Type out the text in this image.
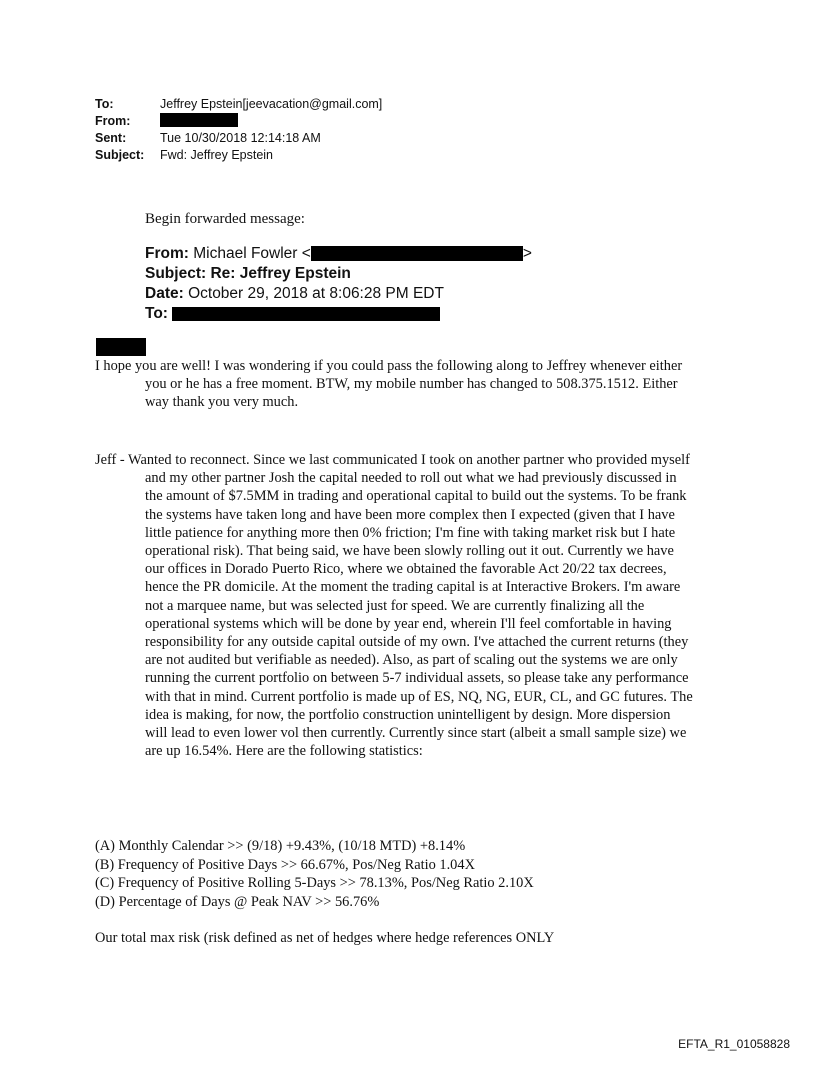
To:	Jeffrey Epstein[jeevacation@gmail.com]
From:
Sent:	Tue 10/30/2018 12:14:18 AM
Subject:	Fwd: Jeffrey Epstein
Begin forwarded message:
From: Michael Fowler <	>
Subject: Re: Jeffrey Epstein
Date: October 29, 2018 at 8:06:28 PM EDT
To:

I hope you are well! I was wondering if you could pass the following along to Jeffrey whenever either you or he has a free moment. BTW, my mobile number has changed to 508.375.1512. Either way thank you very much.

Jeff - Wanted to reconnect. Since we last communicated I took on another partner who provided myself and my other partner Josh the capital needed to roll out what we had previously discussed in the amount of $7.5MM in trading and operational capital to build out the systems. To be frank the systems have taken long and have been more complex then I expected (given that I have little patience for anything more then 0% friction; I'm fine with taking market risk but I hate operational risk). That being said, we have been slowly rolling out it out. Currently we have our offices in Dorado Puerto Rico, where we obtained the favorable Act 20/22 tax decrees, hence the PR domicile. At the moment the trading capital is at Interactive Brokers. I'm aware not a marquee name, but was selected just for speed. We are currently finalizing all the operational systems which will be done by year end, wherein I'll feel comfortable in having responsibility for any outside capital outside of my own. I've attached the current returns (they are not audited but verifiable as needed). Also, as part of scaling out the systems we are only running the current portfolio on between 5-7 individual assets, so please take any performance with that in mind. Current portfolio is made up of ES, NQ, NG, EUR, CL, and GC futures. The idea is making, for now, the portfolio construction unintelligent by design. More dispersion will lead to even lower vol then currently. Currently since start (albeit a small sample size) we are up 16.54%. Here are the following statistics:

(A) Monthly Calendar >> (9/18) +9.43%, (10/18 MTD) +8.14%
(B) Frequency of Positive Days >> 66.67%, Pos/Neg Ratio 1.04X
(C) Frequency of Positive Rolling 5-Days >> 78.13%, Pos/Neg Ratio 2.10X
(D) Percentage of Days @ Peak NAV >> 56.76%
Our total max risk (risk defined as net of hedges where hedge references ONLY
EFTA_R1_01058828
